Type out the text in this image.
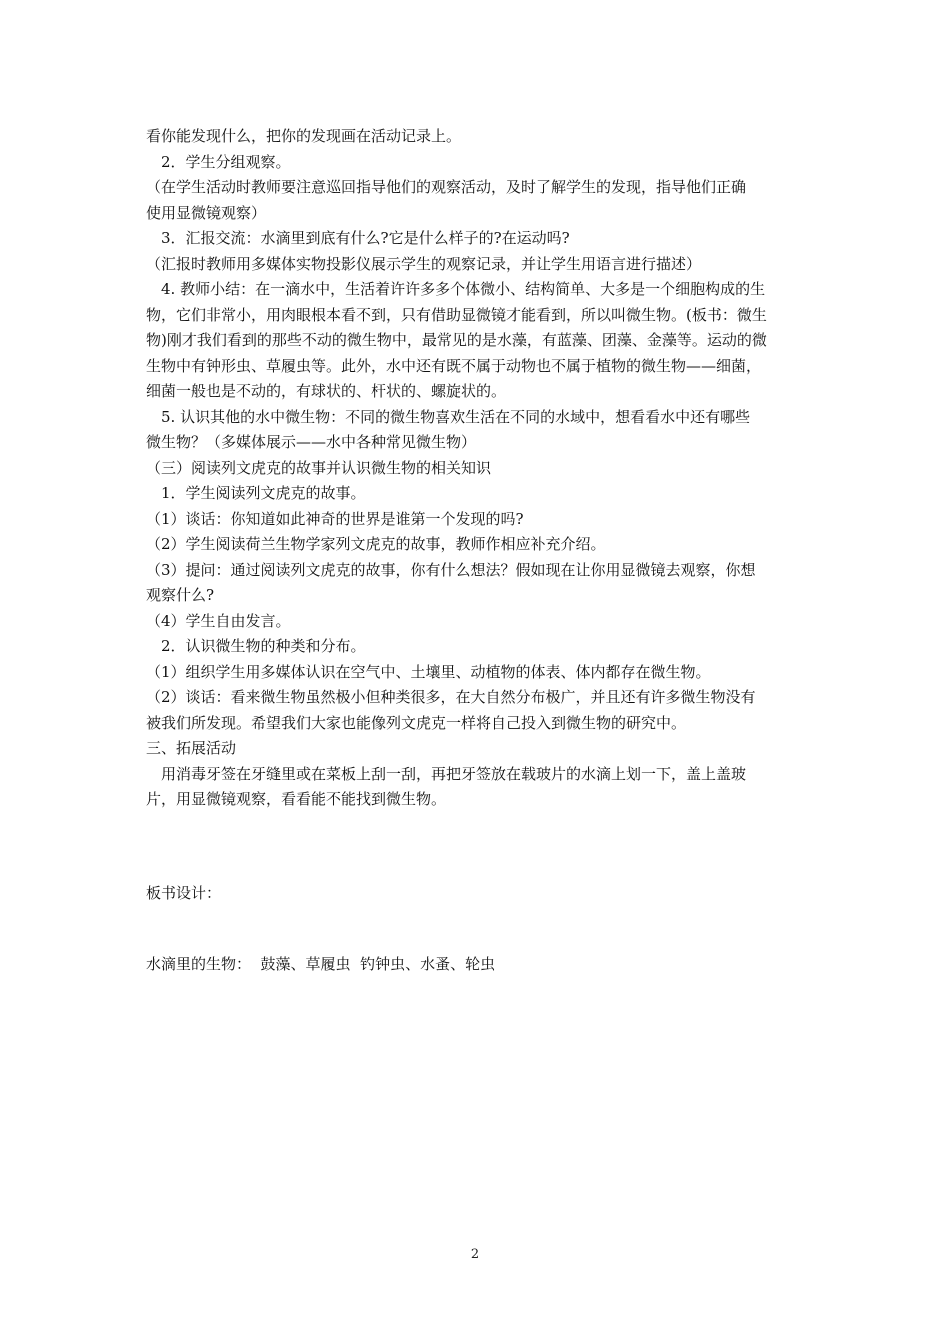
看你能发现什么，把你的发现画在活动记录上。
2．学生分组观察。
（在学生活动时教师要注意巡回指导他们的观察活动，及时了解学生的发现，指导他们正确
使用显微镜观察）
3．汇报交流：水滴里到底有什么?它是什么样子的?在运动吗?
（汇报时教师用多媒体实物投影仪展示学生的观察记录，并让学生用语言进行描述）
4. 教师小结：在一滴水中，生活着许许多多个体微小、结构简单、大多是一个细胞构成的生
物，它们非常小，用肉眼根本看不到，只有借助显微镜才能看到，所以叫微生物。(板书：微生
物)刚才我们看到的那些不动的微生物中，最常见的是水藻，有蓝藻、团藻、金藻等。运动的微
生物中有钟形虫、草履虫等。此外，水中还有既不属于动物也不属于植物的微生物——细菌，
细菌一般也是不动的，有球状的、杆状的、螺旋状的。
5. 认识其他的水中微生物：不同的微生物喜欢生活在不同的水域中，想看看水中还有哪些
微生物？（多媒体展示——水中各种常见微生物）
（三）阅读列文虎克的故事并认识微生物的相关知识
1．学生阅读列文虎克的故事。
（1）谈话：你知道如此神奇的世界是谁第一个发现的吗?
（2）学生阅读荷兰生物学家列文虎克的故事，教师作相应补充介绍。
（3）提问：通过阅读列文虎克的故事，你有什么想法？假如现在让你用显微镜去观察，你想
观察什么?
（4）学生自由发言。
2．认识微生物的种类和分布。
（1）组织学生用多媒体认识在空气中、土壤里、动植物的体表、体内都存在微生物。
（2）谈话：看来微生物虽然极小但种类很多，在大自然分布极广，并且还有许多微生物没有
被我们所发现。希望我们大家也能像列文虎克一样将自己投入到微生物的研究中。
三、拓展活动
用消毒牙签在牙缝里或在菜板上刮一刮，再把牙签放在载玻片的水滴上划一下，盖上盖玻
片，用显微镜观察，看看能不能找到微生物。
板书设计：
水滴里的生物：  鼓藻、草履虫  钓钟虫、水蚤、轮虫
2
